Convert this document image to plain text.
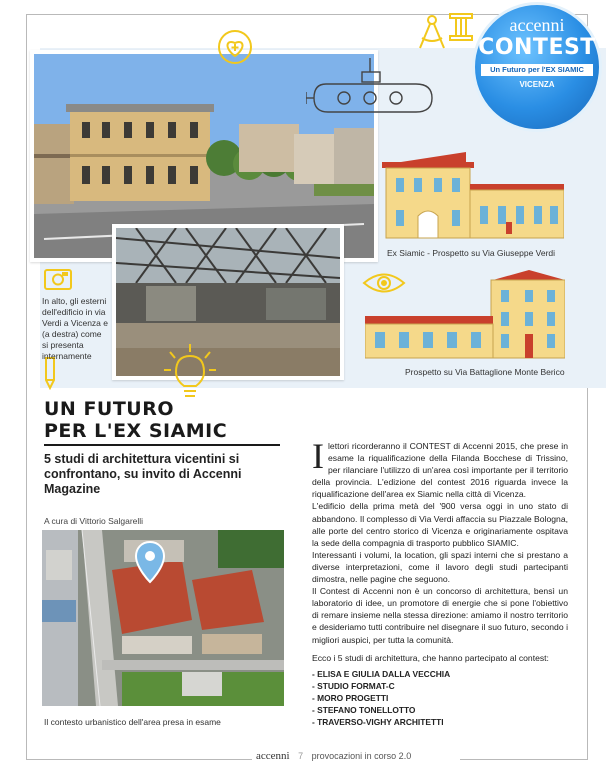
accenni
CONTEST
Un Futuro per l'EX SIAMIC
VICENZA
In alto, gli esterni dell'edificio in via Verdi a Vicenza e (a destra) come si presenta internamente
Ex Siamic - Prospetto su Via Giuseppe Verdi
Prospetto su Via Battaglione Monte Berico
UN FUTURO
PER L'EX SIAMIC
5 studi di architettura vicentini si confrontano, su invito di Accenni Magazine
A cura di Vittorio Salgarelli
Il contesto urbanistico dell'area presa in esame

Ilettori ricorderanno il CONTEST di Accenni 2015, che prese in esame la riqualificazione della Filanda Bocchese di Trissino, per rilanciare l'utilizzo di un'area così importante per il territorio della provincia. L'edizione del contest 2016 riguarda invece la riqualificazione dell'area ex Siamic nella città di Vicenza.

L'edificio della prima metà del '900 versa oggi in uno stato di abbandono. Il complesso di Via Verdi affaccia su Piazzale Bologna, alle porte del centro storico di Vicenza e originariamente ospitava la sede della compagnia di trasporto pubblico SIAMIC.

Interessanti i volumi, la location, gli spazi interni che si prestano a diverse interpretazioni, come il lavoro degli studi partecipanti dimostra, nelle pagine che seguono.

Il Contest di Accenni non è un concorso di architettura, bensì un laboratorio di idee, un promotore di energie che si pone l'obiettivo di remare insieme nella stessa direzione: amiamo il nostro territorio e desideriamo tutti contribuire nel disegnare il suo futuro, secondo i migliori auspici, per tutta la comunità.

Ecco i 5 studi di architettura, che hanno partecipato al contest:

- ELISA E GIULIA DALLA VECCHIA
- STUDIO FORMAT-C
- MORO PROGETTI
- STEFANO TONELLOTTO
- TRAVERSO-VIGHY ARCHITETTI
accenni 7 provocazioni in corso 2.0
